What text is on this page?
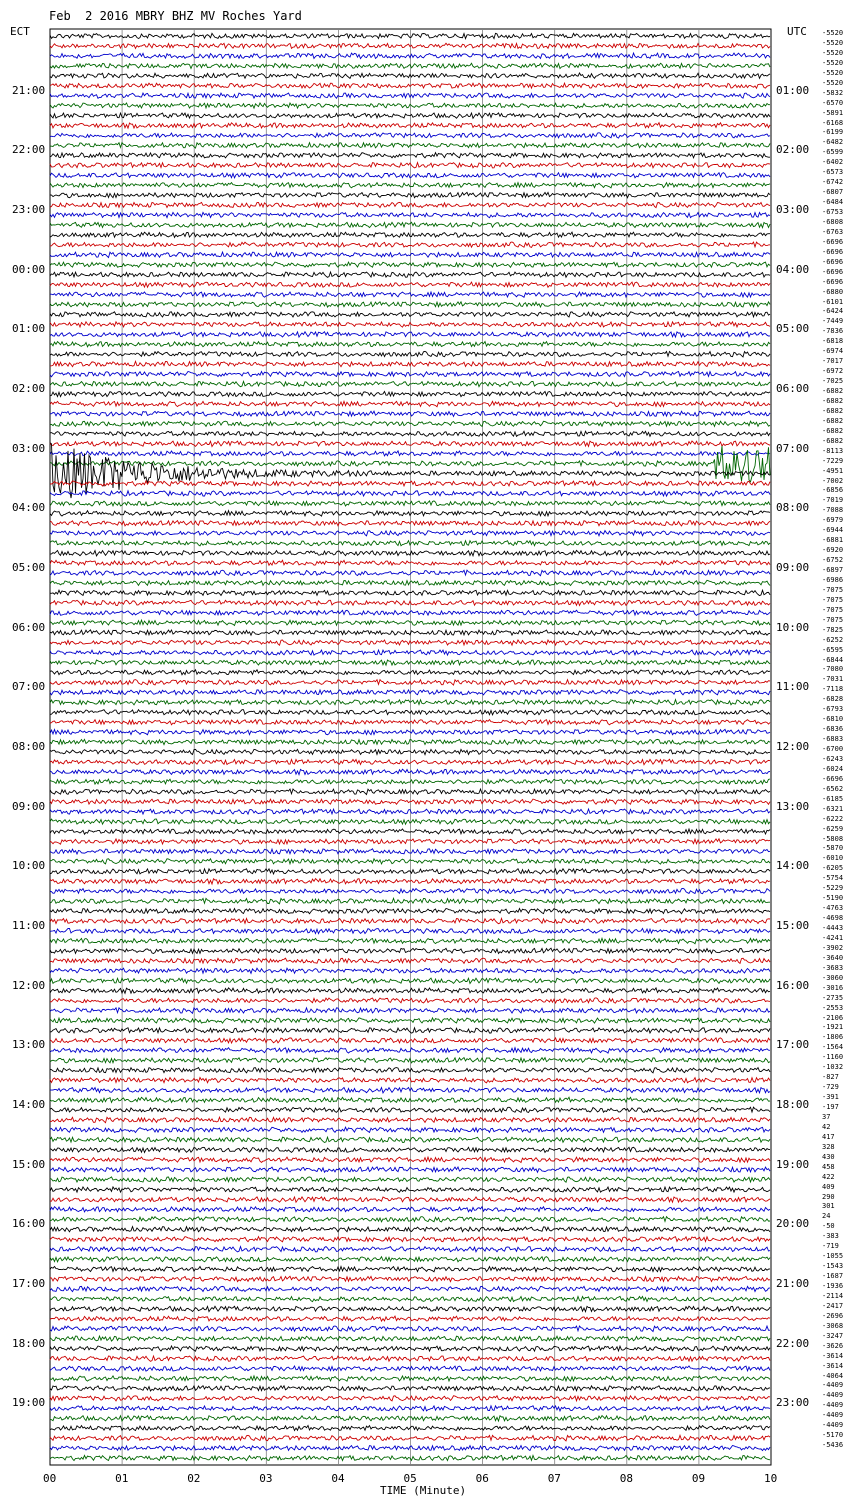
Feb  2 2016 MBRY BHZ MV Roches Yard
ECT	UTC
21:00
22:00
23:00
00:00
01:00
02:00
03:00
04:00
05:00
06:00
07:00
08:00
09:00
10:00
11:00
12:00
13:00
14:00
15:00
16:00
17:00
18:00
19:00
01:00
02:00
03:00
04:00
05:00
06:00
07:00
08:00
09:00
10:00
11:00
12:00
13:00
14:00
15:00
16:00
17:00
18:00
19:00
20:00
21:00
22:00
23:00
-5520
-5520
-5520
-5520
-5520
-5520
-5832
-6570
-5891
-6168
-6199
-6482
-6599
-6402
-6573
-6742
-6807
-6484
-6753
-6808
-6763
-6696
-6696
-6696
-6696
-6696
-6880
-6101
-6424
-7449
-7836
-6818
-6974
-7017
-6972
-7025
-6882
-6882
-6882
-6882
-6882
-6882
-8113
-7229
-4951
-7002
-6856
-7019
-7088
-6979
-6944
-6881
-6920
-6752
-6897
-6986
-7075
-7075
-7075
-7075
-7825
-6252
-6595
-6844
-7080
-7031
-7118
-6828
-6793
-6810
-6836
-6883
-6700
-6243
-6024
-6696
-6562
-6185
-6321
-6222
-6259
-5808
-5870
-6010
-6205
-5754
-5229
-5190
-4763
-4698
-4443
-4241
-3902
-3640
-3683
-3060
-3016
-2735
-2553
-2106
-1921
-1806
-1564
-1160
-1032
-827
-729
-391
-197
37
42
417
328
430
458
422
409
290
301
24
-50
-383
-719
-1055
-1543
-1687
-1936
-2114
-2417
-2696
-3068
-3247
-3626
-3614
-3614
-4064
-4409
-4409
-4409
-4409
-4409
-5170
-5436
00	01	02	03	04	05	06	07	08	09	10
TIME (Minute)
